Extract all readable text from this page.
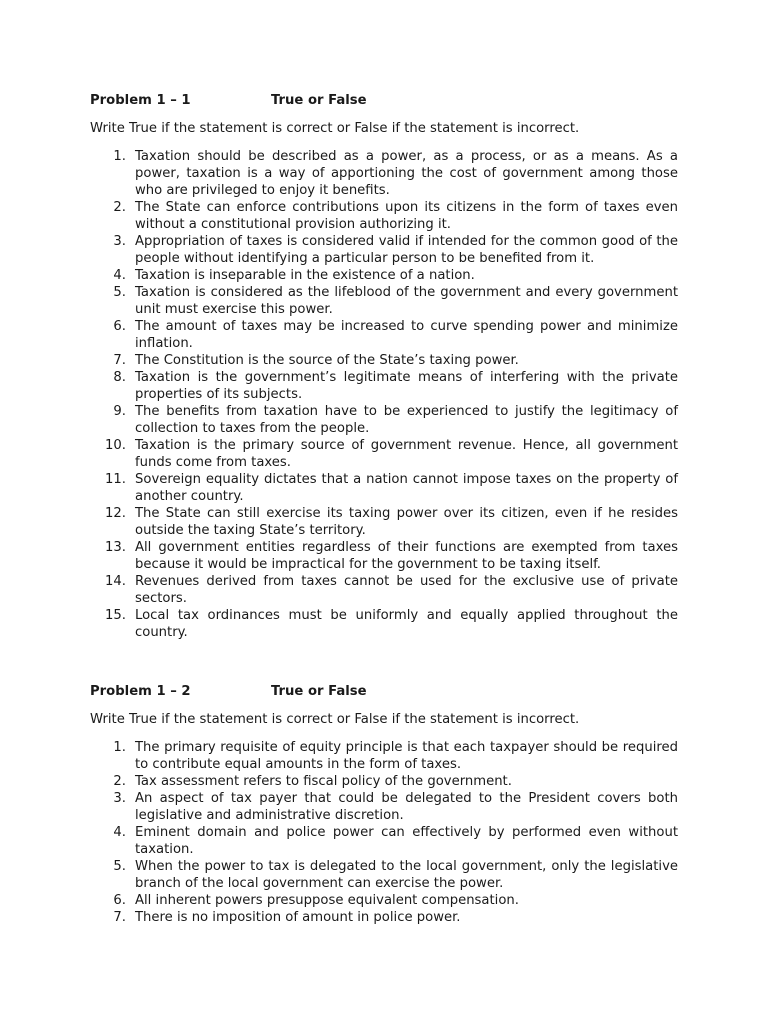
Problem 1 – 1	True or False
Write True if the statement is correct or False if the statement is incorrect.
1. Taxation should be described as a power, as a process, or as a means. As a power, taxation is a way of apportioning the cost of government among those who are privileged to enjoy it benefits.
2. The State can enforce contributions upon its citizens in the form of taxes even without a constitutional provision authorizing it.
3. Appropriation of taxes is considered valid if intended for the common good of the people without identifying a particular person to be benefited from it.
4. Taxation is inseparable in the existence of a nation.
5. Taxation is considered as the lifeblood of the government and every government unit must exercise this power.
6. The amount of taxes may be increased to curve spending power and minimize inflation.
7. The Constitution is the source of the State’s taxing power.
8. Taxation is the government’s legitimate means of interfering with the private properties of its subjects.
9. The benefits from taxation have to be experienced to justify the legitimacy of collection to taxes from the people.
10. Taxation is the primary source of government revenue. Hence, all government funds come from taxes.
11. Sovereign equality dictates that a nation cannot impose taxes on the property of another country.
12. The State can still exercise its taxing power over its citizen, even if he resides outside the taxing State’s territory.
13. All government entities regardless of their functions are exempted from taxes because it would be impractical for the government to be taxing itself.
14. Revenues derived from taxes cannot be used for the exclusive use of private sectors.
15. Local tax ordinances must be uniformly and equally applied throughout the country.
Problem 1 – 2	True or False
Write True if the statement is correct or False if the statement is incorrect.
1. The primary requisite of equity principle is that each taxpayer should be required to contribute equal amounts in the form of taxes.
2. Tax assessment refers to fiscal policy of the government.
3. An aspect of tax payer that could be delegated to the President covers both legislative and administrative discretion.
4. Eminent domain and police power can effectively by performed even without taxation.
5. When the power to tax is delegated to the local government, only the legislative branch of the local government can exercise the power.
6. All inherent powers presuppose equivalent compensation.
7. There is no imposition of amount in police power.
